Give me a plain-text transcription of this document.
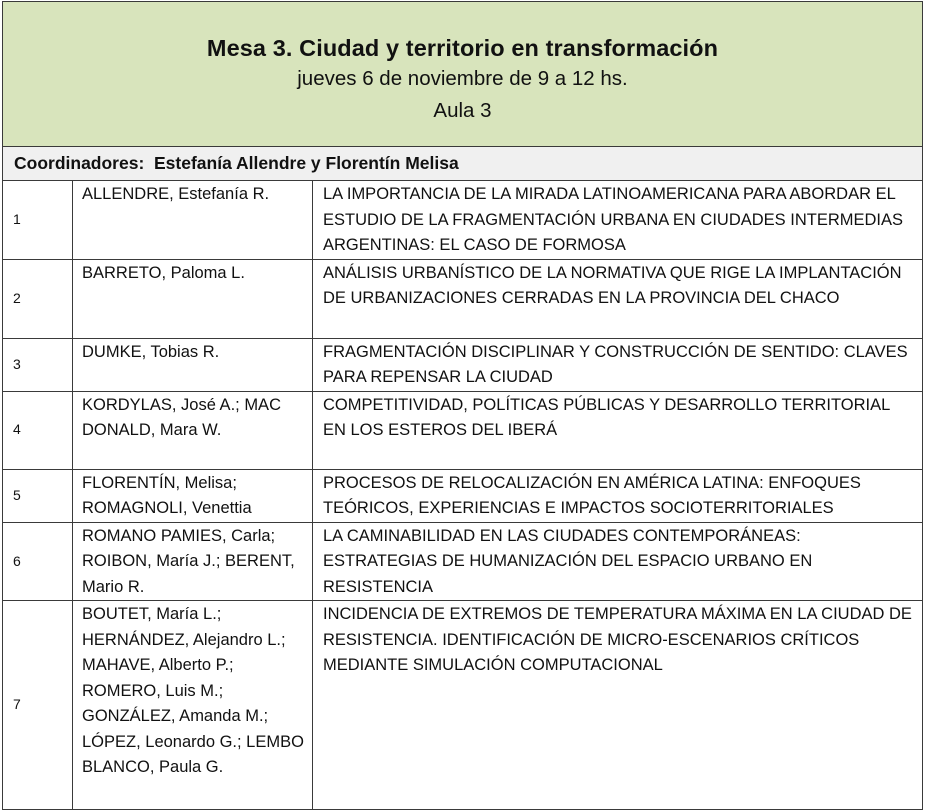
Mesa 3. Ciudad y territorio en transformación
jueves 6 de noviembre de 9 a 12 hs.
Aula 3
Coordinadores:  Estefanía Allendre y Florentín Melisa
1	ALLENDRE, Estefanía R.	LA IMPORTANCIA DE LA MIRADA LATINOAMERICANA PARA ABORDAR EL ESTUDIO DE LA FRAGMENTACIÓN URBANA EN CIUDADES INTERMEDIAS ARGENTINAS: EL CASO DE FORMOSA
2	BARRETO, Paloma L.	ANÁLISIS URBANÍSTICO DE LA NORMATIVA QUE RIGE LA IMPLANTACIÓN DE URBANIZACIONES CERRADAS EN LA PROVINCIA DEL CHACO
3	DUMKE, Tobias R.	FRAGMENTACIÓN DISCIPLINAR Y CONSTRUCCIÓN DE SENTIDO: CLAVES PARA REPENSAR LA CIUDAD
4	KORDYLAS, José A.; MAC DONALD, Mara W.	COMPETITIVIDAD, POLÍTICAS PÚBLICAS Y DESARROLLO TERRITORIAL EN LOS ESTEROS DEL IBERÁ
5	FLORENTÍN, Melisa; ROMAGNOLI, Venettia	PROCESOS DE RELOCALIZACIÓN EN AMÉRICA LATINA: ENFOQUES TEÓRICOS, EXPERIENCIAS E IMPACTOS SOCIOTERRITORIALES
6	ROMANO PAMIES, Carla; ROIBON, María J.; BERENT, Mario R.	LA CAMINABILIDAD EN LAS CIUDADES CONTEMPORÁNEAS: ESTRATEGIAS DE HUMANIZACIÓN DEL ESPACIO URBANO EN RESISTENCIA
7	BOUTET, María L.; HERNÁNDEZ, Alejandro L.; MAHAVE, Alberto P.; ROMERO, Luis M.; GONZÁLEZ, Amanda M.; LÓPEZ, Leonardo G.; LEMBO BLANCO, Paula G.	INCIDENCIA DE EXTREMOS DE TEMPERATURA MÁXIMA EN LA CIUDAD DE RESISTENCIA. IDENTIFICACIÓN DE MICRO-ESCENARIOS CRÍTICOS MEDIANTE SIMULACIÓN COMPUTACIONAL
